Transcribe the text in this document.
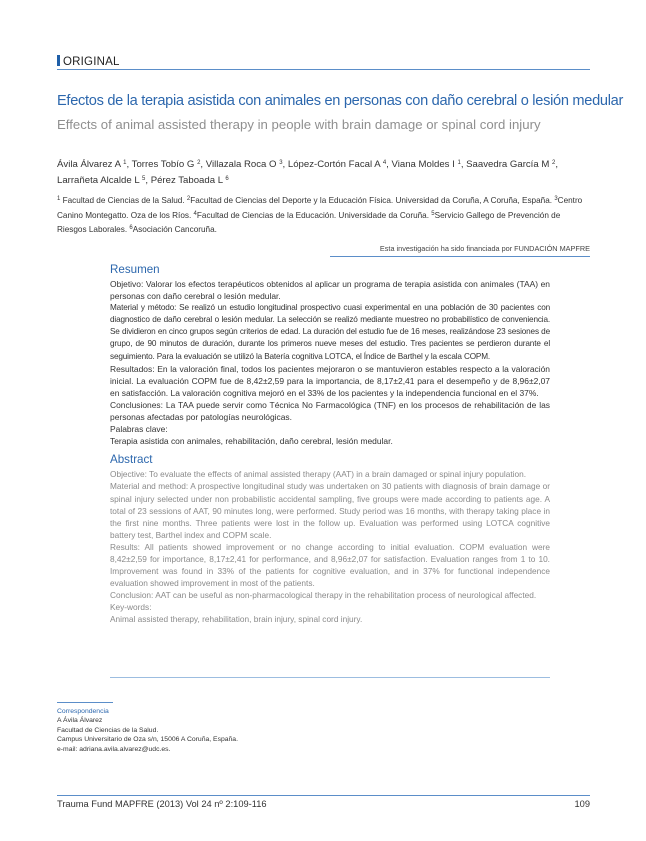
ORIGINAL
Efectos de la terapia asistida con animales en personas con daño cerebral o lesión medular
Effects of animal assisted therapy in people with brain damage or spinal cord injury
Ávila Álvarez A $^1$, Torres Tobío G $^2$, Villazala Roca O $^3$, López-Cortón Facal A $^4$, Viana Moldes I $^1$, Saavedra García M $^2$,
Larrañeta Alcalde L $^5$, Pérez Taboada L $^6$
$^1$ Facultad de Ciencias de la Salud. $^2$Facultad de Ciencias del Deporte y la Educación Física. Universidad da Coruña, A Coruña, España. $^3$Centro Canino Montegatto. Oza de los Ríos. $^4$Facultad de Ciencias de la Educación. Universidade da Coruña. $^5$Servicio Gallego de Prevención de Riesgos Laborales. $^6$Asociación Cancoruña.
Esta investigación ha sido financiada por FUNDACIÓN MAPFRE
Resumen

Objetivo: Valorar los efectos terapéuticos obtenidos al aplicar un programa de terapia asistida con animales (TAA) en personas con daño cerebral o lesión medular.

Material y método: Se realizó un estudio longitudinal prospectivo cuasi experimental en una población de 30 pacientes con diagnostico de daño cerebral o lesión medular. La selección se realizó mediante muestreo no probabilístico de conveniencia. Se dividieron en cinco grupos según criterios de edad. La duración del estudio fue de 16 meses, realizándose 23 sesiones de grupo, de 90 minutos de duración, durante los primeros nueve meses del estudio. Tres pacientes se perdieron durante el seguimiento. Para la evaluación se utilizó la Batería cognitiva LOTCA, el Índice de Barthel y la escala COPM.

Resultados: En la valoración final, todos los pacientes mejoraron o se mantuvieron estables respecto a la valoración inicial. La evaluación COPM fue de 8,42±2,59 para la importancia, de 8,17±2,41 para el desempeño y de 8,96±2,07 en satisfacción. La valoración cognitiva mejoró en el 33% de los pacientes y la independencia funcional en el 37%.

Conclusiones: La TAA puede servir como Técnica No Farmacológica (TNF) en los procesos de rehabilitación de las personas afectadas por patologías neurológicas.

Palabras clave:

Terapia asistida con animales, rehabilitación, daño cerebral, lesión medular.

Abstract

Objective: To evaluate the effects of animal assisted therapy (AAT) in a brain damaged or spinal injury population.

Material and method: A prospective longitudinal study was undertaken on 30 patients with diagnosis of brain damage or spinal injury selected under non probabilistic accidental sampling, five groups were made according to patients age. A total of 23 sessions of AAT, 90 minutes long, were performed. Study period was 16 months, with therapy taking place in the first nine months. Three patients were lost in the follow up. Evaluation was performed using LOTCA cognitive battery test, Barthel index and COPM scale.

Results: All patients showed improvement or no change according to initial evaluation. COPM evaluation were 8,42±2,59 for importance, 8,17±2,41 for performance, and 8,96±2,07 for satisfaction. Evaluation ranges from 1 to 10. Improvement was found in 33% of the patients for cognitive evaluation, and in 37% for functional independence evaluation showed improvement in most of the patients.

Conclusion: AAT can be useful as non-pharmacological therapy in the rehabilitation process of neurological affected.

Key-words:

Animal assisted therapy, rehabilitation, brain injury, spinal cord injury.

Correspondencia
A Ávila Álvarez
Facultad de Ciencias de la Salud.
Campus Universitario de Oza s/n, 15006 A Coruña, España.
e-mail: adriana.avila.alvarez@udc.es.
Trauma Fund MAPFRE (2013) Vol 24 nº 2:109-116	109
